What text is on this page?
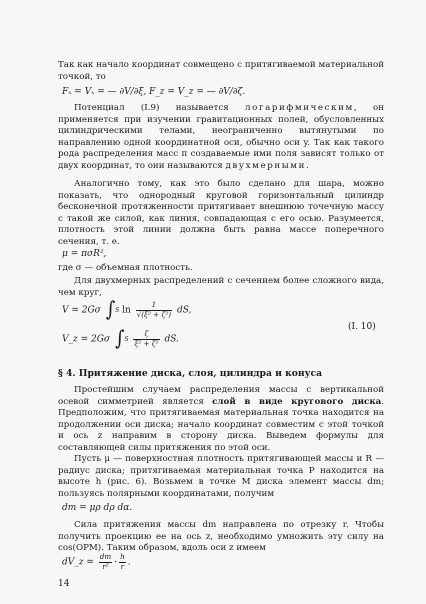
Так как начало координат совмещено с притягиваемой материальной точкой, то

Fₓ = Vₓ = — ∂V/∂ξ, F_z = V_z = — ∂V/∂ζ.

Потенциал (I.9) называется логарифмическим, он применяется при изучении гравитационных полей, обусловленных цилиндрическими телами, неограниченно вытянутыми по направлению одной координатной оси, обычно оси y. Так как такого рода распределения масс п создаваемые ими поля зависят только от двух координат, то они называются двухмерными.

Аналогично тому, как это было сделано для шара, можно показать, что однородный круговой горизонтальный цилиндр бесконечной протяженности притягивает внешнюю точечную массу с такой же силой, как линия, совпадающая с его осью. Разумеется, плотность этой линии должна быть равна массе поперечного сечения, т. е.

μ = πσR²,

где σ — объемная плотность.

Для двухмерных распределений с сечением более сложного вида, чем круг,

V = 2Gσ ∫S $\ln \frac{1}{\text{√(ξ² + ζ²)}}$ dS,
V_z = 2Gσ $\int S \frac{\zeta}{\text{ξ² + ζ²}}$ dS.
(I. 10)

§ 4. Притяжение диска, слоя, цилиндра и конуса

Простейшим случаем распределения массы с вертикальной осевой симметрией является слой в виде кругового диска. Предположим, что притягиваемая материальная точка находится на продолжении оси диска; начало координат совместим с этой точкой и ось z направим в сторону диска. Выведем формулы для составляющей силы притяжения по этой оси.

Пусть μ — поверхностная плотность притягивающей массы и R — радиус диска; притягиваемая материальная точка P находится на высоте h (рис. 6). Возьмем в точке M диска элемент массы dm; пользуясь полярными координатами, получим

dm = μρ dρ dα.

Сила притяжения массы dm направлена по отрезку r. Чтобы получить проекцию ее на ось z, необходимо умножить эту силу на cos(OPM). Таким образом, вдоль оси z имеем

dV_z = $\frac{dm}{\text{r²}} \cdot \frac{h}{r}$ .
14
